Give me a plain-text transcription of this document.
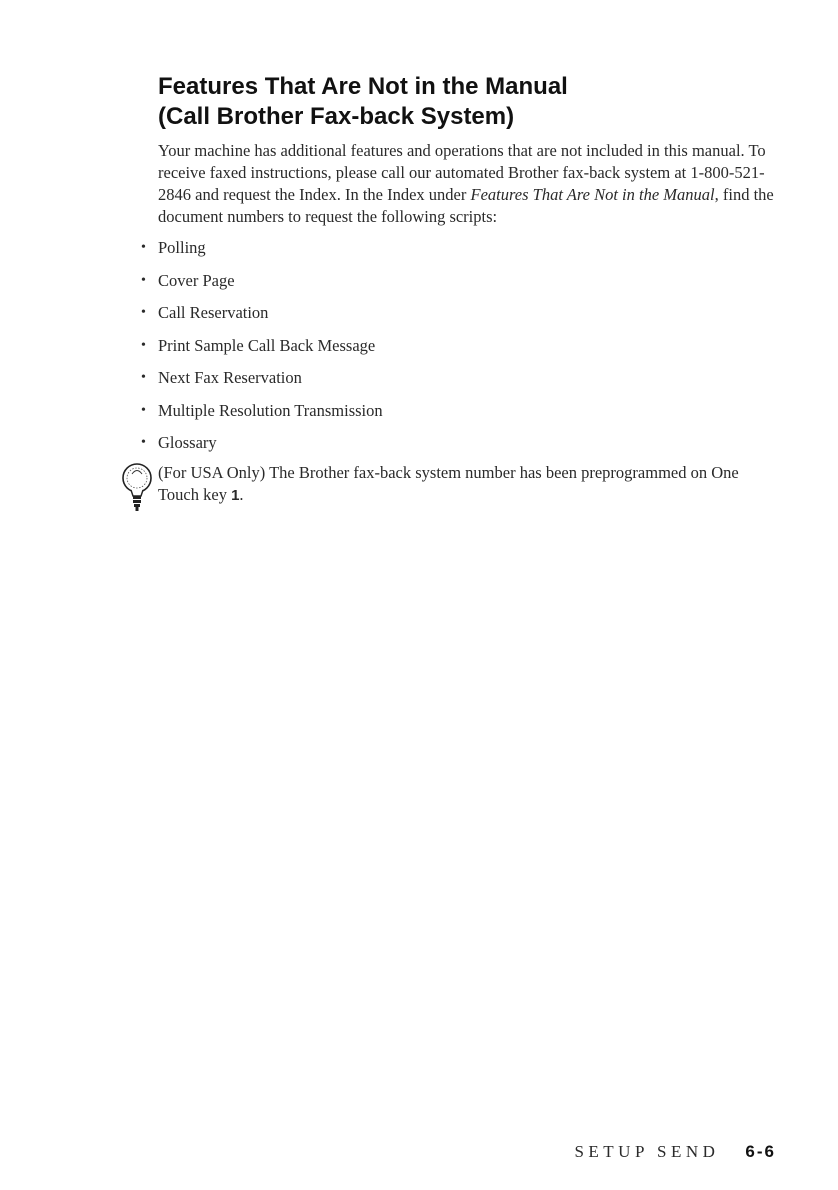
Features That Are Not in the Manual
(Call Brother Fax-back System)

Your machine has additional features and operations that are not included in this manual. To receive faxed instructions, please call our automated Brother fax-back system at 1-800-521-2846 and request the Index. In the Index under Features That Are Not in the Manual, find the document numbers to request the following scripts:

• Polling
• Cover Page
• Call Reservation
• Print Sample Call Back Message
• Next Fax Reservation
• Multiple Resolution Transmission
• Glossary

(For USA Only) The Brother fax-back system number has been preprogrammed on One Touch key 1.

SETUP SEND 6-6
